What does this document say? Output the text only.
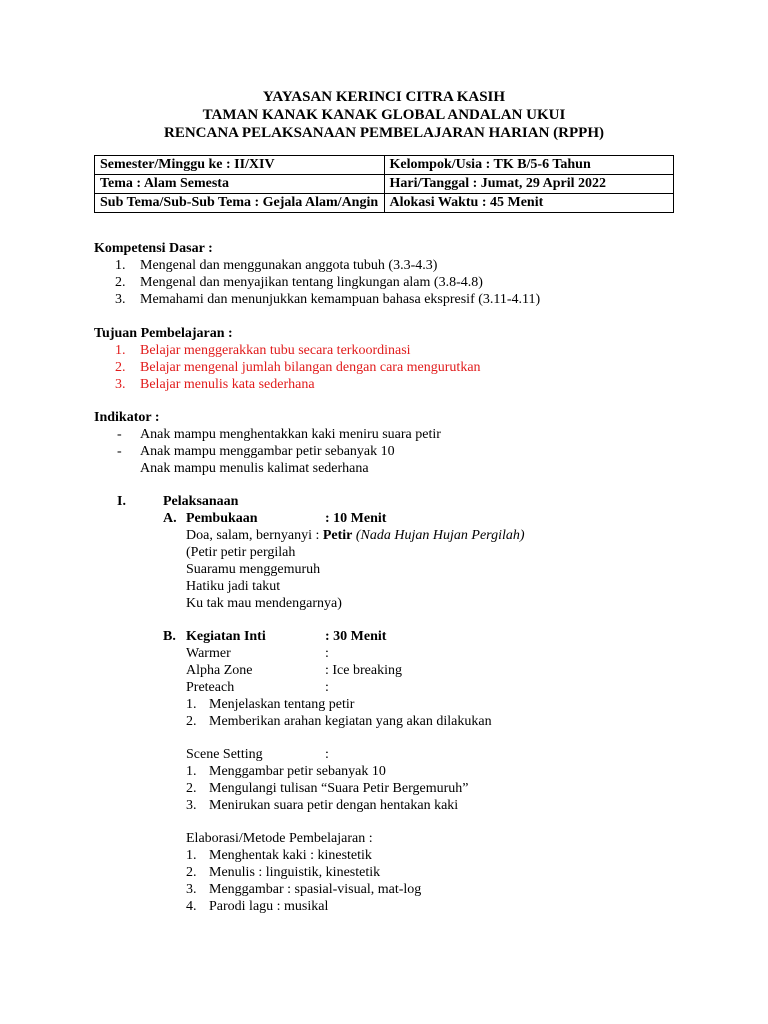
YAYASAN KERINCI CITRA KASIH
TAMAN KANAK KANAK GLOBAL ANDALAN UKUI
RENCANA PELAKSANAAN PEMBELAJARAN HARIAN (RPPH)
Semester/Minggu ke : II/XIV	Kelompok/Usia : TK B/5-6 Tahun
Tema : Alam Semesta	Hari/Tanggal : Jumat, 29 April 2022
Sub Tema/Sub-Sub Tema : Gejala Alam/Angin	Alokasi Waktu : 45 Menit
Kompetensi Dasar :
1. Mengenal dan menggunakan anggota tubuh (3.3-4.3)
2. Mengenal dan menyajikan tentang lingkungan alam (3.8-4.8)
3. Memahami dan menunjukkan kemampuan bahasa ekspresif (3.11-4.11)
Tujuan Pembelajaran :
1. Belajar menggerakkan tubu secara terkoordinasi
2. Belajar mengenal jumlah bilangan dengan cara mengurutkan
3. Belajar menulis kata sederhana
Indikator :
- Anak mampu menghentakkan kaki meniru suara petir
- Anak mampu menggambar petir sebanyak 10
Anak mampu menulis kalimat sederhana
I.	Pelaksanaan
A. Pembukaan	: 10 Menit
Doa, salam, bernyanyi : Petir (Nada Hujan Hujan Pergilah)
(Petir petir pergilah
Suaramu menggemuruh
Hatiku jadi takut
Ku tak mau mendengarnya)
B. Kegiatan Inti	: 30 Menit
Warmer	:
Alpha Zone	: Ice breaking
Preteach	:
1. Menjelaskan tentang petir
2. Memberikan arahan kegiatan yang akan dilakukan
Scene Setting	:
1. Menggambar petir sebanyak 10
2. Mengulangi tulisan “Suara Petir Bergemuruh”
3. Menirukan suara petir dengan hentakan kaki
Elaborasi/Metode Pembelajaran :
1. Menghentak kaki : kinestetik
2. Menulis : linguistik, kinestetik
3. Menggambar : spasial-visual, mat-log
4. Parodi lagu : musikal
